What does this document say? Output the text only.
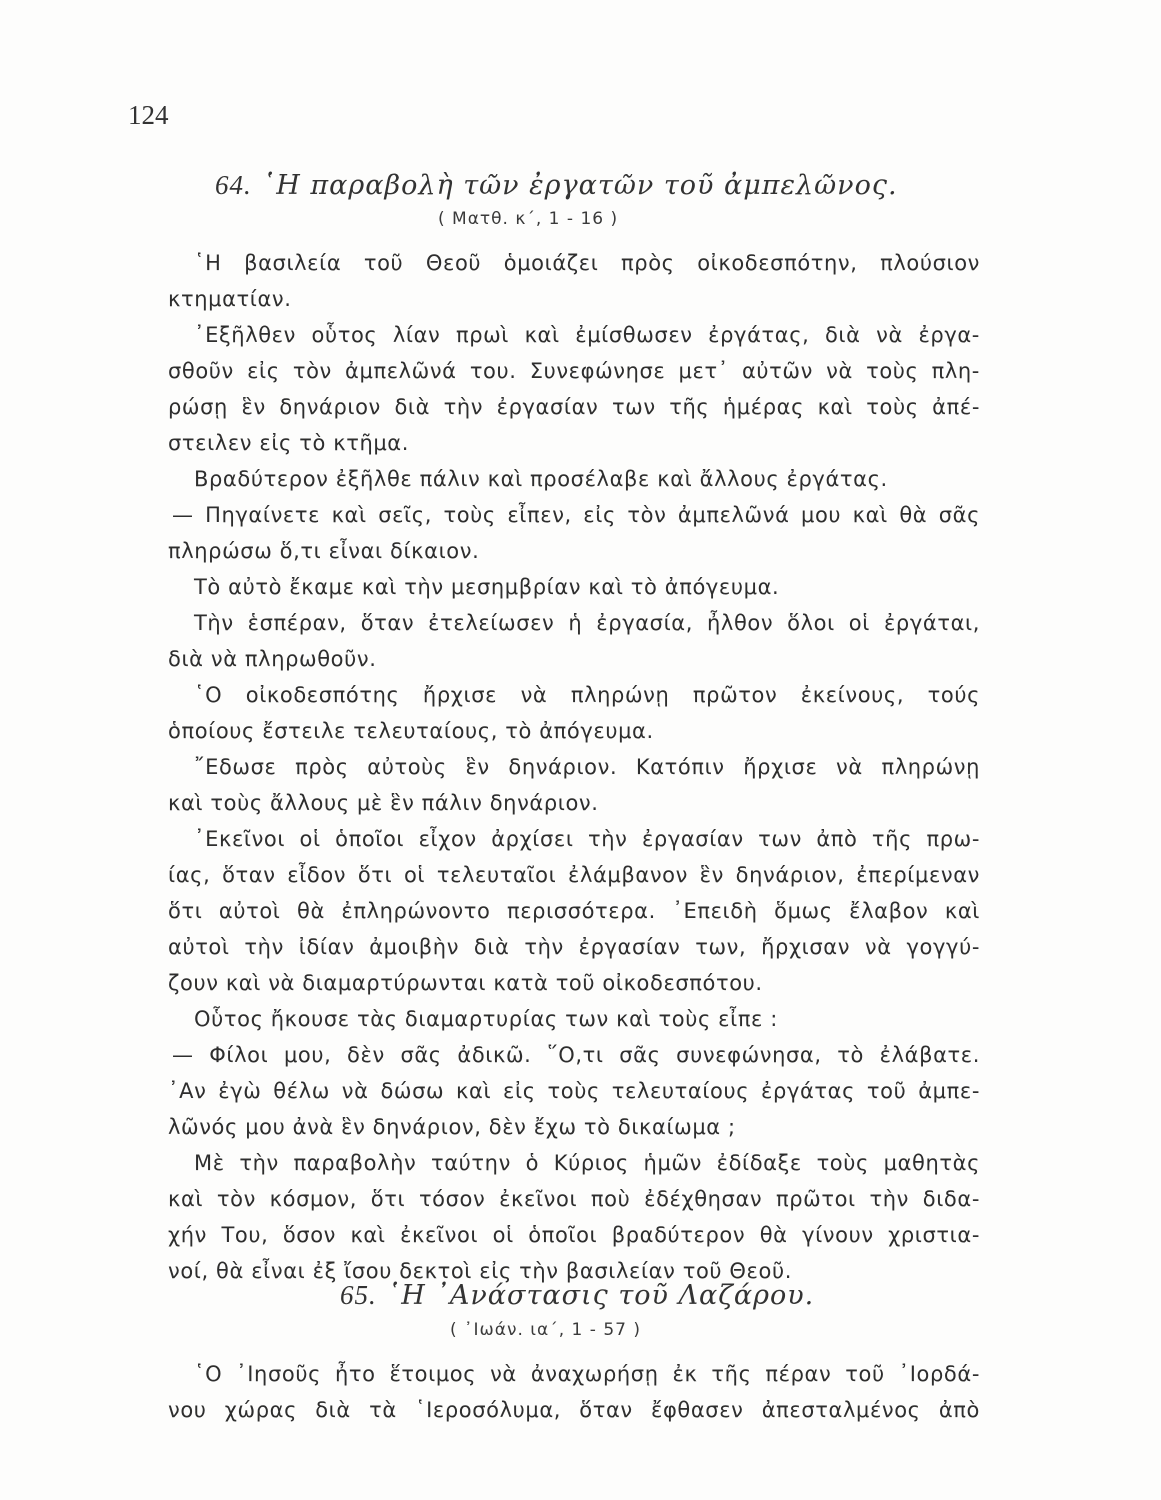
124
64. ῾Η παραβολὴ τῶν ἐργατῶν τοῦ ἀμπελῶνος.
( Ματθ. κ΄, 1 - 16 )
῾Η βασιλεία τοῦ Θεοῦ ὁμοιάζει πρὸς οἰκοδεσπότην, πλούσιον
κτηματίαν.
᾿Εξῆλθεν οὗτος λίαν πρωὶ καὶ ἐμίσθωσεν ἐργάτας, διὰ νὰ ἐργα-
σθοῦν εἰς τὸν ἀμπελῶνά του. Συνεφώνησε μετ᾿ αὐτῶν νὰ τοὺς πλη-
ρώσῃ ἓν δηνάριον διὰ τὴν ἐργασίαν των τῆς ἡμέρας καὶ τοὺς ἀπέ-
στειλεν εἰς τὸ κτῆμα.
Βραδύτερον ἐξῆλθε πάλιν καὶ προσέλαβε καὶ ἄλλους ἐργάτας.
— Πηγαίνετε καὶ σεῖς, τοὺς εἶπεν, εἰς τὸν ἀμπελῶνά μου καὶ θὰ σᾶς
πληρώσω ὅ,τι εἶναι δίκαιον.
Τὸ αὐτὸ ἔκαμε καὶ τὴν μεσημβρίαν καὶ τὸ ἀπόγευμα.
Τὴν ἑσπέραν, ὅταν ἐτελείωσεν ἡ ἐργασία, ἦλθον ὅλοι οἱ ἐργάται,
διὰ νὰ πληρωθοῦν.
῾Ο οἰκοδεσπότης ἤρχισε νὰ πληρώνῃ πρῶτον ἐκείνους, τούς
ὁποίους ἔστειλε τελευταίους, τὸ ἀπόγευμα.
῎Εδωσε πρὸς αὐτοὺς ἓν δηνάριον. Κατόπιν ἤρχισε νὰ πληρώνῃ
καὶ τοὺς ἄλλους μὲ ἓν πάλιν δηνάριον.
᾿Εκεῖνοι οἱ ὁποῖοι εἶχον ἀρχίσει τὴν ἐργασίαν των ἀπὸ τῆς πρω-
ίας, ὅταν εἶδον ὅτι οἱ τελευταῖοι ἐλάμβανον ἓν δηνάριον, ἐπερίμεναν
ὅτι αὐτοὶ θὰ ἐπληρώνοντο περισσότερα. ᾿Επειδὴ ὅμως ἔλαβον καὶ
αὐτοὶ τὴν ἰδίαν ἀμοιβὴν διὰ τὴν ἐργασίαν των, ἤρχισαν νὰ γογγύ-
ζουν καὶ νὰ διαμαρτύρωνται κατὰ τοῦ οἰκοδεσπότου.
Οὗτος ἤκουσε τὰς διαμαρτυρίας των καὶ τοὺς εἶπε :
— Φίλοι μου, δὲν σᾶς ἀδικῶ. ῞Ο,τι σᾶς συνεφώνησα, τὸ ἐλάβατε.
᾿Αν ἐγὼ θέλω νὰ δώσω καὶ εἰς τοὺς τελευταίους ἐργάτας τοῦ ἀμπε-
λῶνός μου ἀνὰ ἓν δηνάριον, δὲν ἔχω τὸ δικαίωμα ;
Μὲ τὴν παραβολὴν ταύτην ὁ Κύριος ἡμῶν ἐδίδαξε τοὺς μαθητὰς
καὶ τὸν κόσμον, ὅτι τόσον ἐκεῖνοι ποὺ ἐδέχθησαν πρῶτοι τὴν διδα-
χήν Του, ὅσον καὶ ἐκεῖνοι οἱ ὁποῖοι βραδύτερον θὰ γίνουν χριστια-
νοί, θὰ εἶναι ἐξ ἴσου δεκτοὶ εἰς τὴν βασιλείαν τοῦ Θεοῦ.
65. ῾Η ᾿Ανάστασις τοῦ Λαζάρου.
( ᾿Ιωάν. ια΄, 1 - 57 )
῾Ο ᾿Ιησοῦς ἦτο ἕτοιμος νὰ ἀναχωρήσῃ ἐκ τῆς πέραν τοῦ ᾿Ιορδά-
νου χώρας διὰ τὰ ῾Ιεροσόλυμα, ὅταν ἔφθασεν ἀπεσταλμένος ἀπὸ
